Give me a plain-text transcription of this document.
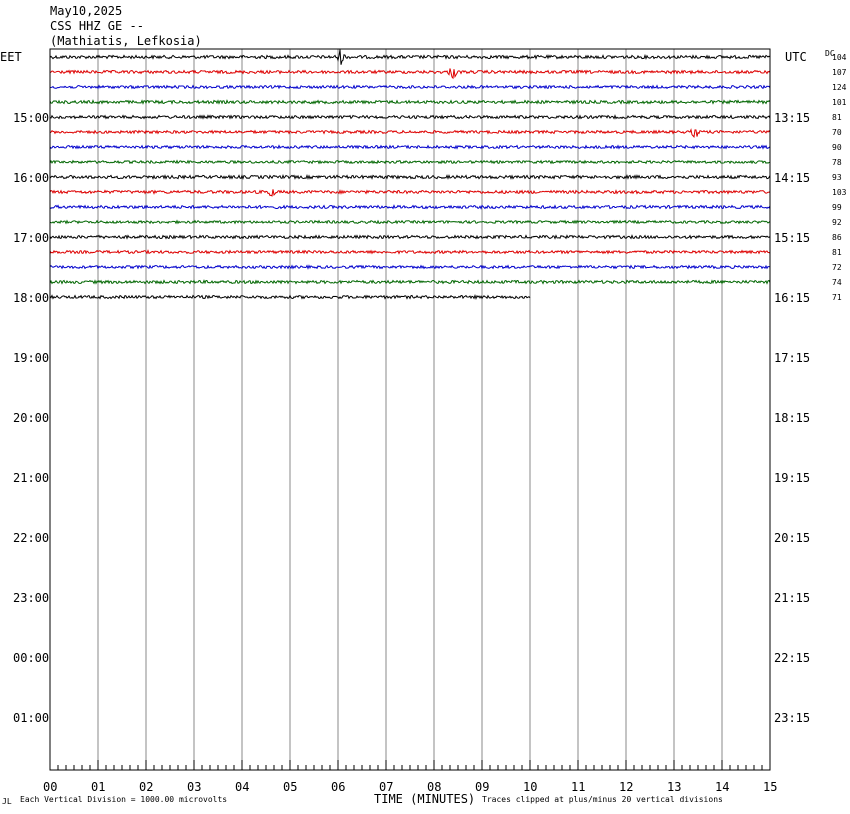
May10,2025
CSS HHZ GE --
(Mathiatis, Lefkosia)
EET	UTC DC
15:00
16:00
17:00
18:00
19:00
20:00
21:00
22:00
23:00
00:00
01:00
13:15
14:15
15:15
16:15
17:15
18:15
19:15
20:15
21:15
22:15
23:15
104
107
124
101
81
70
90
78
93
103
99
92
86
81
72
74
71
00	01	02	03	04	05	06	07	08	09	10	11	12	13	14	15
JL Each Vertical Division = 1000.00 microvolts	TIME (MINUTES) Traces clipped at plus/minus 20 vertical divisions
